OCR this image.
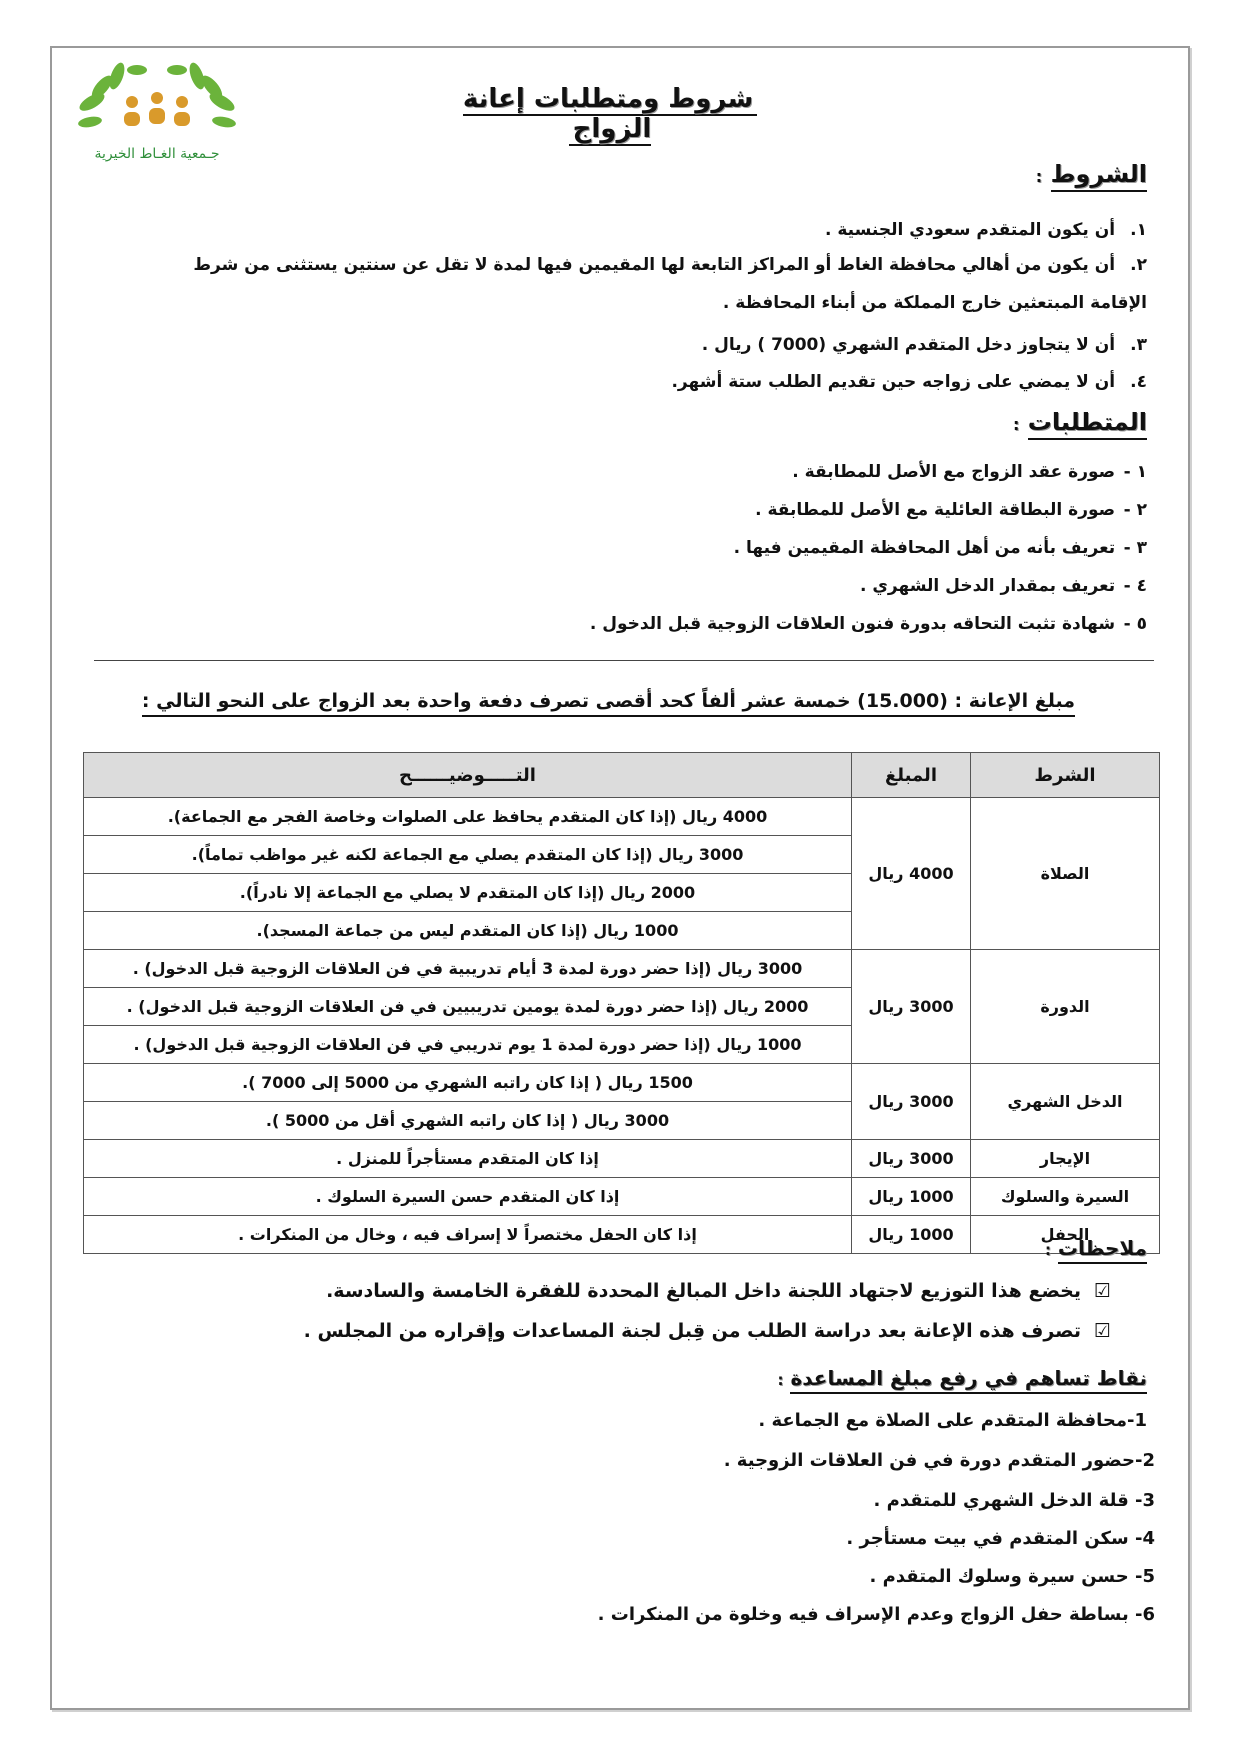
جـمعية الغـاط الخيرية
شروط ومتطلبات إعانة الزواج
الشروط :
١. أن يكون المتقدم سعودي الجنسية .
٢. أن يكون من أهالي محافظة الغاط أو المراكز التابعة لها المقيمين فيها لمدة لا تقل عن سنتين يستثنى من شرط الإقامة المبتعثين خارج المملكة من أبناء المحافظة .
٣. أن لا يتجاوز دخل المتقدم الشهري (7000 ) ريال .
٤. أن لا يمضي على زواجه حين تقديم الطلب ستة أشهر.
المتطلبات :
١ - صورة عقد الزواج مع الأصل للمطابقة .
٢ - صورة البطاقة العائلية مع الأصل للمطابقة .
٣ - تعريف بأنه من أهل المحافظة المقيمين فيها .
٤ - تعريف بمقدار الدخل الشهري .
٥ - شهادة تثبت التحاقه بدورة فنون العلاقات الزوجية قبل الدخول .
مبلغ الإعانة : (15.000) خمسة عشر ألفاً كحد أقصى تصرف دفعة واحدة بعد الزواج على النحو التالي :
الشرط	المبلغ	التـــــوضيــــــح
الصلاة	4000 ريال	4000 ريال (إذا كان المتقدم يحافظ على الصلوات وخاصة الفجر مع الجماعة).
		3000 ريال (إذا كان المتقدم يصلي مع الجماعة لكنه غير مواظب تماماً).
		2000 ريال (إذا كان المتقدم لا يصلي مع الجماعة إلا نادراً).
		1000 ريال (إذا كان المتقدم ليس من جماعة المسجد).
الدورة	3000 ريال	3000 ريال (إذا حضر دورة لمدة 3 أيام تدريبية في فن العلاقات الزوجية قبل الدخول) .
		2000 ريال (إذا حضر دورة لمدة يومين تدريبيين في فن العلاقات الزوجية قبل الدخول) .
		1000 ريال (إذا حضر دورة لمدة 1 يوم تدريبي في فن العلاقات الزوجية قبل الدخول) .
الدخل الشهري	3000 ريال	1500 ريال ( إذا كان راتبه الشهري من 5000 إلى 7000 ).
		3000 ريال ( إذا كان راتبه الشهري أقل من 5000 ).
الإيجار	3000 ريال	إذا كان المتقدم مستأجراً للمنزل .
السيرة والسلوك	1000 ريال	إذا كان المتقدم حسن السيرة السلوك .
الحفل	1000 ريال	إذا كان الحفل مختصراً لا إسراف فيه ، وخال من المنكرات .
ملاحظات :
☑يخضع هذا التوزيع لاجتهاد اللجنة داخل المبالغ المحددة للفقرة الخامسة والسادسة.
☑تصرف هذه الإعانة بعد دراسة الطلب من قِبل لجنة المساعدات وإقراره من المجلس .
نقاط تساهم في رفع مبلغ المساعدة :
1-محافظة المتقدم على الصلاة مع الجماعة .
2-حضور المتقدم دورة في فن العلاقات الزوجية .
3- قلة الدخل الشهري للمتقدم .
4- سكن المتقدم في بيت مستأجر .
5- حسن سيرة وسلوك المتقدم .
6- بساطة حفل الزواج وعدم الإسراف فيه وخلوة من المنكرات .
